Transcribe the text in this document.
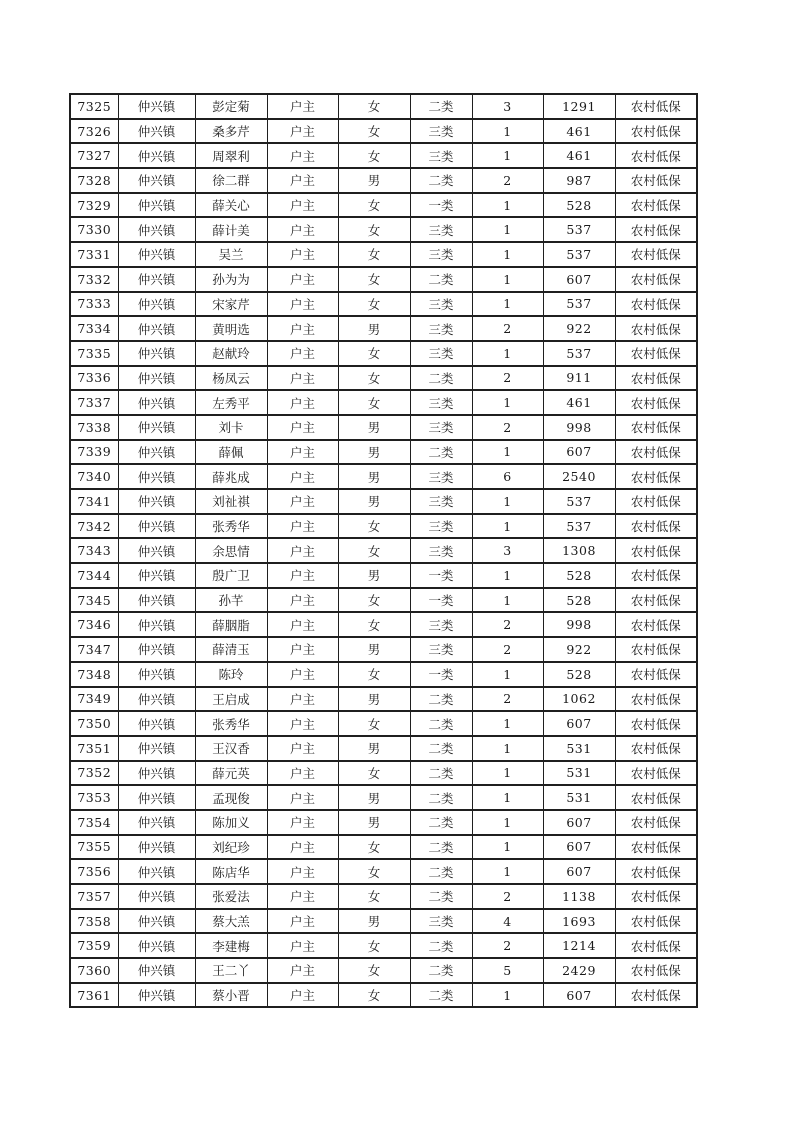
7325	仲兴镇	彭定菊	户主	女	二类	3	1291	农村低保
7326	仲兴镇	桑多芹	户主	女	三类	1	461	农村低保
7327	仲兴镇	周翠利	户主	女	三类	1	461	农村低保
7328	仲兴镇	徐二群	户主	男	二类	2	987	农村低保
7329	仲兴镇	薛关心	户主	女	一类	1	528	农村低保
7330	仲兴镇	薛计美	户主	女	三类	1	537	农村低保
7331	仲兴镇	吴兰	户主	女	三类	1	537	农村低保
7332	仲兴镇	孙为为	户主	女	二类	1	607	农村低保
7333	仲兴镇	宋家芹	户主	女	三类	1	537	农村低保
7334	仲兴镇	黄明选	户主	男	三类	2	922	农村低保
7335	仲兴镇	赵献玲	户主	女	三类	1	537	农村低保
7336	仲兴镇	杨凤云	户主	女	二类	2	911	农村低保
7337	仲兴镇	左秀平	户主	女	三类	1	461	农村低保
7338	仲兴镇	刘卡	户主	男	三类	2	998	农村低保
7339	仲兴镇	薛佩	户主	男	二类	1	607	农村低保
7340	仲兴镇	薛兆成	户主	男	三类	6	2540	农村低保
7341	仲兴镇	刘祉祺	户主	男	三类	1	537	农村低保
7342	仲兴镇	张秀华	户主	女	三类	1	537	农村低保
7343	仲兴镇	余思情	户主	女	三类	3	1308	农村低保
7344	仲兴镇	殷广卫	户主	男	一类	1	528	农村低保
7345	仲兴镇	孙芊	户主	女	一类	1	528	农村低保
7346	仲兴镇	薛胭脂	户主	女	三类	2	998	农村低保
7347	仲兴镇	薛清玉	户主	男	三类	2	922	农村低保
7348	仲兴镇	陈玲	户主	女	一类	1	528	农村低保
7349	仲兴镇	王启成	户主	男	二类	2	1062	农村低保
7350	仲兴镇	张秀华	户主	女	二类	1	607	农村低保
7351	仲兴镇	王汉香	户主	男	二类	1	531	农村低保
7352	仲兴镇	薛元英	户主	女	二类	1	531	农村低保
7353	仲兴镇	孟现俊	户主	男	二类	1	531	农村低保
7354	仲兴镇	陈加义	户主	男	二类	1	607	农村低保
7355	仲兴镇	刘纪珍	户主	女	二类	1	607	农村低保
7356	仲兴镇	陈店华	户主	女	二类	1	607	农村低保
7357	仲兴镇	张爱法	户主	女	二类	2	1138	农村低保
7358	仲兴镇	蔡大羔	户主	男	三类	4	1693	农村低保
7359	仲兴镇	李建梅	户主	女	二类	2	1214	农村低保
7360	仲兴镇	王二丫	户主	女	二类	5	2429	农村低保
7361	仲兴镇	蔡小晋	户主	女	二类	1	607	农村低保
